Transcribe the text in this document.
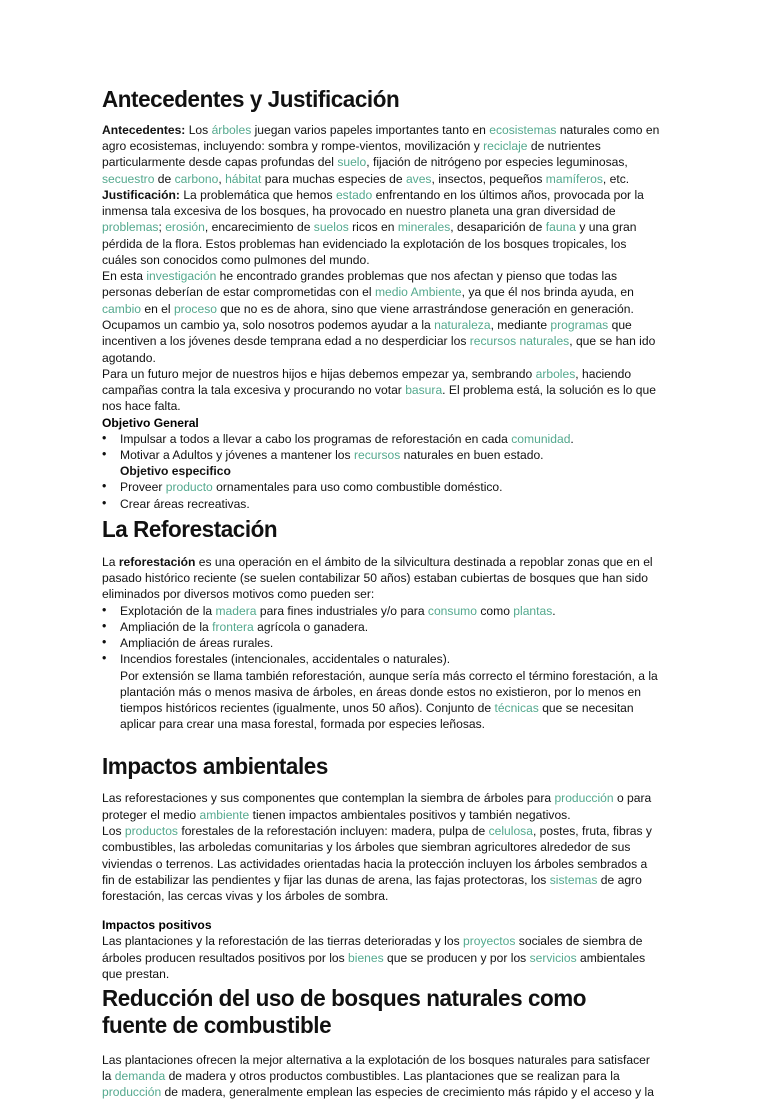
Antecedentes y Justificación

Antecedentes: Los árboles juegan varios papeles importantes tanto en ecosistemas naturales como en agro ecosistemas, incluyendo: sombra y rompe-vientos, movilización y reciclaje de nutrientes particularmente desde capas profundas del suelo, fijación de nitrógeno por especies leguminosas, secuestro de carbono, hábitat para muchas especies de aves, insectos, pequeños mamíferos, etc.

Justificación: La problemática que hemos estado enfrentando en los últimos años, provocada por la inmensa tala excesiva de los bosques, ha provocado en nuestro planeta una gran diversidad de problemas; erosión, encarecimiento de suelos ricos en minerales, desaparición de fauna y una gran pérdida de la flora. Estos problemas han evidenciado la explotación de los bosques tropicales, los cuáles son conocidos como pulmones del mundo.

En esta investigación he encontrado grandes problemas que nos afectan y pienso que todas las personas deberían de estar comprometidas con el medio Ambiente, ya que él nos brinda ayuda, en cambio en el proceso que no es de ahora, sino que viene arrastrándose generación en generación.

Ocupamos un cambio ya, solo nosotros podemos ayudar a la naturaleza, mediante programas que incentiven a los jóvenes desde temprana edad a no desperdiciar los recursos naturales, que se han ido agotando.

Para un futuro mejor de nuestros hijos e hijas debemos empezar ya, sembrando arboles, haciendo campañas contra la tala excesiva y procurando no votar basura. El problema está, la solución es lo que nos hace falta.

Objetivo General
• Impulsar a todos a llevar a cabo los programas de reforestación en cada comunidad.
• Motivar a Adultos y jóvenes a mantener los recursos naturales en buen estado.
Objetivo especifico
• Proveer producto ornamentales para uso como combustible doméstico.
• Crear áreas recreativas.
La Reforestación

La reforestación es una operación en el ámbito de la silvicultura destinada a repoblar zonas que en el pasado histórico reciente (se suelen contabilizar 50 años) estaban cubiertas de bosques que han sido eliminados por diversos motivos como pueden ser:

• Explotación de la madera para fines industriales y/o para consumo como plantas.
• Ampliación de la frontera agrícola o ganadera.
• Ampliación de áreas rurales.
• Incendios forestales (intencionales, accidentales o naturales).
Por extensión se llama también reforestación, aunque sería más correcto el término forestación, a la plantación más o menos masiva de árboles, en áreas donde estos no existieron, por lo menos en tiempos históricos recientes (igualmente, unos 50 años). Conjunto de técnicas que se necesitan aplicar para crear una masa forestal, formada por especies leñosas.
Impactos ambientales

Las reforestaciones y sus componentes que contemplan la siembra de árboles para producción o para proteger el medio ambiente tienen impactos ambientales positivos y también negativos.

Los productos forestales de la reforestación incluyen: madera, pulpa de celulosa, postes, fruta, fibras y combustibles, las arboledas comunitarias y los árboles que siembran agricultores alrededor de sus viviendas o terrenos. Las actividades orientadas hacia la protección incluyen los árboles sembrados a fin de estabilizar las pendientes y fijar las dunas de arena, las fajas protectoras, los sistemas de agro forestación, las cercas vivas y los árboles de sombra.

Impactos positivos

Las plantaciones y la reforestación de las tierras deterioradas y los proyectos sociales de siembra de árboles producen resultados positivos por los bienes que se producen y por los servicios ambientales que prestan.

Reducción del uso de bosques naturales como fuente de combustible

Las plantaciones ofrecen la mejor alternativa a la explotación de los bosques naturales para satisfacer la demanda de madera y otros productos combustibles. Las plantaciones que se realizan para la producción de madera, generalmente emplean las especies de crecimiento más rápido y el acceso y la
